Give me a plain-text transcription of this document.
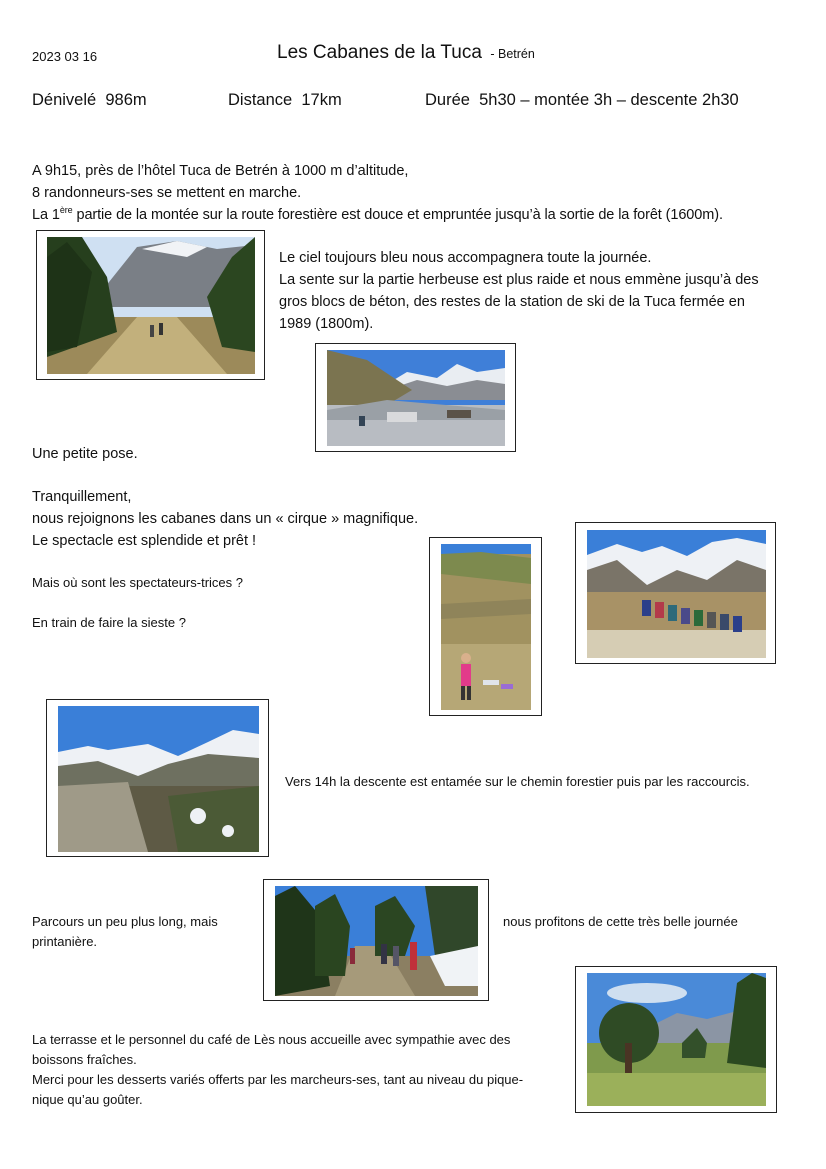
2023 03 16	Les Cabanes de la Tuca - Betrén
Dénivelé  986m	Distance  17km	Durée  5h30 – montée 3h – descente 2h30
A 9h15, près de l’hôtel Tuca de Betrén à 1000 m d’altitude,
8 randonneurs-ses se mettent en marche.
La 1ère partie de la montée sur la route forestière est douce et empruntée jusqu’à la sortie de la forêt (1600m).
Le ciel toujours bleu nous accompagnera toute la journée.
La sente sur la partie herbeuse est plus raide et nous emmène jusqu’à des
gros blocs de béton, des restes de la station de ski de la Tuca fermée en
1989 (1800m).
Une petite pose.
Tranquillement,
nous rejoignons les cabanes dans un « cirque » magnifique.
Le spectacle est splendide et prêt !
Mais où sont les spectateurs-trices ?
En train de faire la sieste ?
Vers 14h la descente est entamée sur le chemin forestier puis par les raccourcis.
Parcours un peu plus long, mais	nous profitons de cette très belle journée
printanière.
La terrasse et le personnel du café de Lès nous accueille avec sympathie avec des
boissons fraîches.
Merci pour les desserts variés offerts par les marcheurs-ses, tant au niveau du pique-
nique qu’au goûter.
